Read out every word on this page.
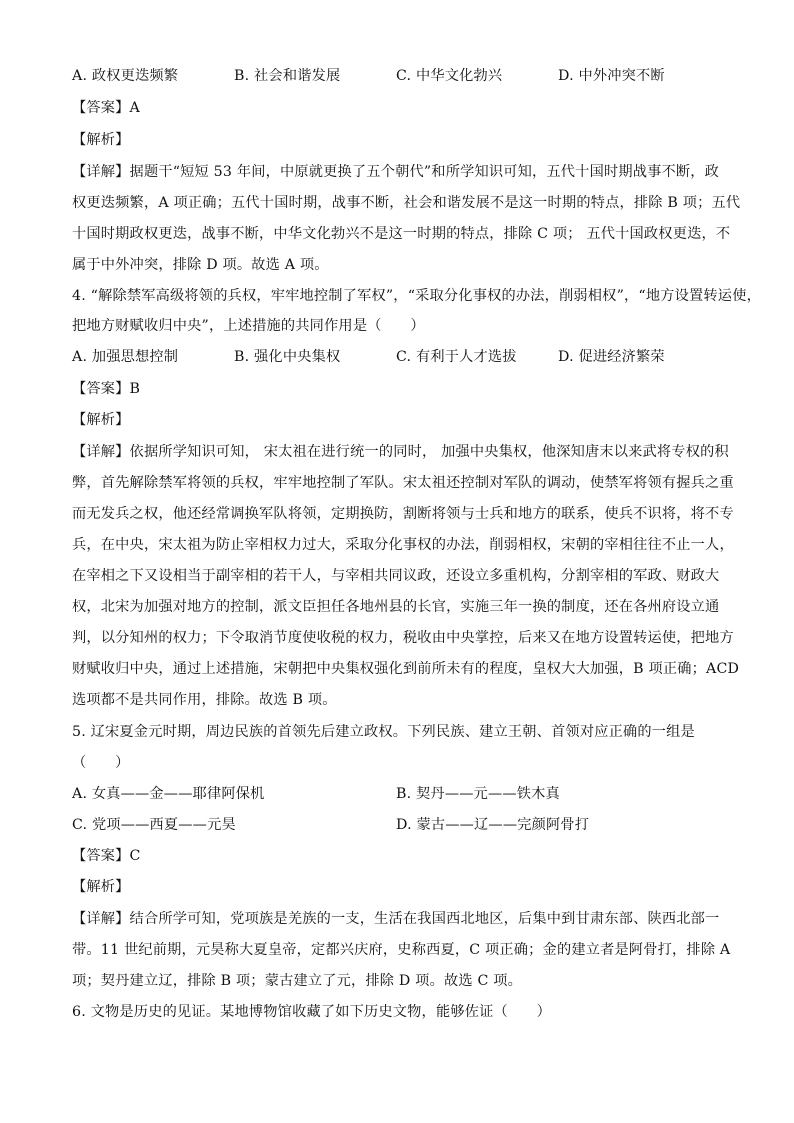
A. 政权更迭频繁	B. 社会和谐发展	C. 中华文化勃兴	D. 中外冲突不断
【答案】A
【解析】
【详解】据题干“短短 53 年间，中原就更换了五个朝代”和所学知识可知，五代十国时期战事不断，政
权更迭频繁，A 项正确；五代十国时期，战事不断，社会和谐发展不是这一时期的特点，排除 B 项；五代
十国时期政权更迭，战事不断，中华文化勃兴不是这一时期的特点，排除 C 项； 五代十国政权更迭，不
属于中外冲突，排除 D 项。故选 A 项。
4. “解除禁军高级将领的兵权，牢牢地控制了军权”，“采取分化事权的办法，削弱相权”，“地方设置转运使，
把地方财赋收归中央”，上述措施的共同作用是（　　）
A. 加强思想控制	B. 强化中央集权	C. 有利于人才选拔	D. 促进经济繁荣
【答案】B
【解析】
【详解】依据所学知识可知， 宋太祖在进行统一的同时， 加强中央集权，他深知唐末以来武将专权的积
弊，首先解除禁军将领的兵权，牢牢地控制了军队。宋太祖还控制对军队的调动，使禁军将领有握兵之重
而无发兵之权，他还经常调换军队将领，定期换防，割断将领与士兵和地方的联系，使兵不识将，将不专
兵，在中央，宋太祖为防止宰相权力过大，采取分化事权的办法，削弱相权，宋朝的宰相往往不止一人，
在宰相之下又设相当于副宰相的若干人，与宰相共同议政，还设立多重机构，分割宰相的军政、财政大
权，北宋为加强对地方的控制，派文臣担任各地州县的长官，实施三年一换的制度，还在各州府设立通
判，以分知州的权力；下令取消节度使收税的权力，税收由中央掌控，后来又在地方设置转运使，把地方
财赋收归中央，通过上述措施，宋朝把中央集权强化到前所未有的程度，皇权大大加强，B 项正确；ACD
选项都不是共同作用，排除。故选 B 项。
5. 辽宋夏金元时期，周边民族的首领先后建立政权。下列民族、建立王朝、首领对应正确的一组是
（　　）
A. 女真——金——耶律阿保机	B. 契丹——元——铁木真
C. 党项——西夏——元昊	D. 蒙古——辽——完颜阿骨打
【答案】C
【解析】
【详解】结合所学可知，党项族是羌族的一支，生活在我国西北地区，后集中到甘肃东部、陕西北部一
带。11 世纪前期，元昊称大夏皇帝，定都兴庆府，史称西夏，C 项正确；金的建立者是阿骨打，排除 A
项；契丹建立辽，排除 B 项；蒙古建立了元，排除 D 项。故选 C 项。
6. 文物是历史的见证。某地博物馆收藏了如下历史文物，能够佐证（　　）
